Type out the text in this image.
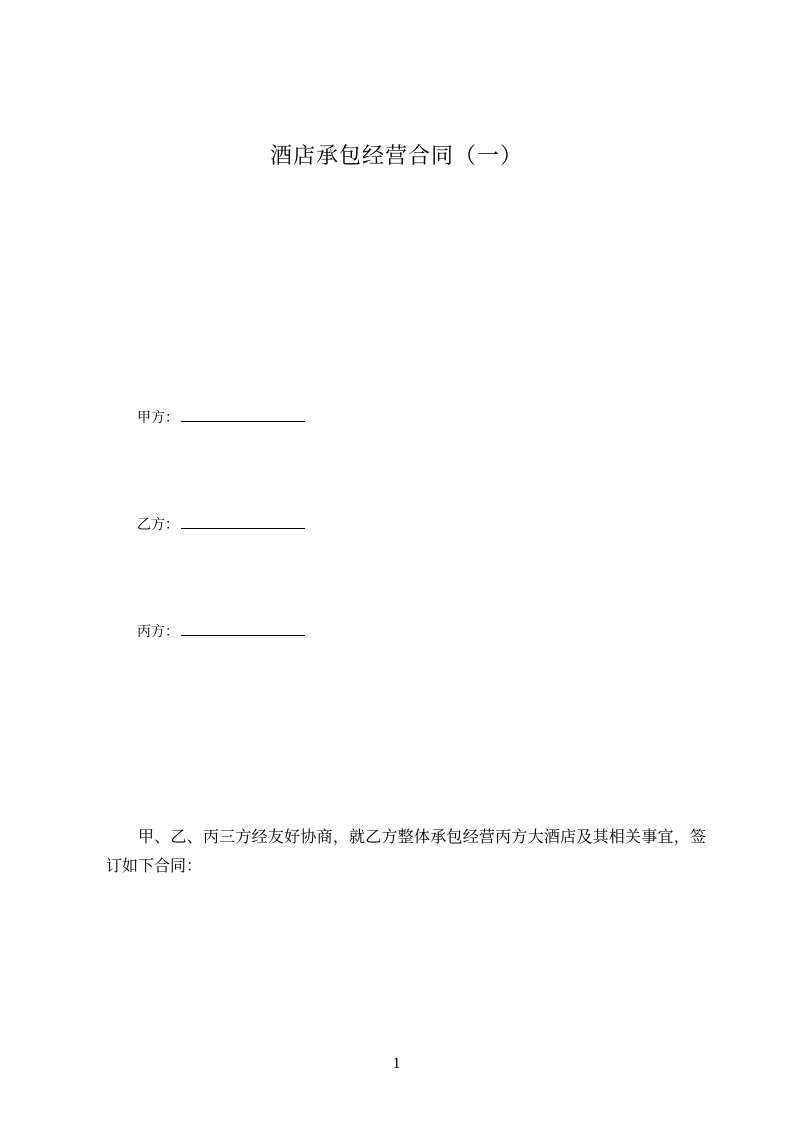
酒店承包经营合同（一）
甲方：
乙方：
丙方：
甲、乙、丙三方经友好协商，就乙方整体承包经营丙方大酒店及其相关事宜，签订如下合同：
1
